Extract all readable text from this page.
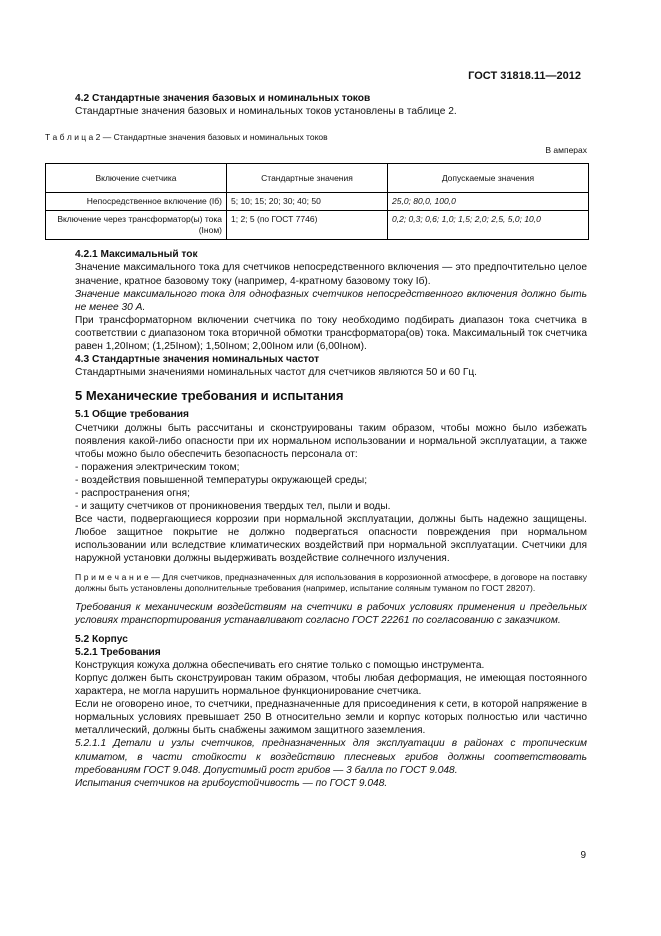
ГОСТ 31818.11—2012

4.2 Стандартные значения базовых и номинальных токов

Стандартные значения базовых и номинальных токов установлены в таблице 2.

Т а б л и ц а 2 — Стандартные значения базовых и номинальных токов
В амперах
Включение счетчика	Стандартные значения	Допускаемые значения
Непосредственное включение (Iб)	5; 10; 15; 20; 30; 40; 50	25,0; 80,0, 100,0
Включение через трансформатор(ы) тока (Iном)	1; 2; 5 (по ГОСТ 7746)	0,2; 0,3; 0,6; 1,0; 1,5; 2,0; 2,5, 5,0; 10,0

4.2.1 Максимальный ток

Значение максимального тока для счетчиков непосредственного включения — это предпочтительно целое значение, кратное базовому току (например, 4-кратному базовому току Iб).

Значение максимального тока для однофазных счетчиков непосредственного включения должно быть не менее 30 А.

При трансформаторном включении счетчика по току необходимо подбирать диапазон тока счетчика в соответствии с диапазоном тока вторичной обмотки трансформатора(ов) тока. Максимальный ток счетчика равен 1,20Iном; (1,25Iном); 1,50Iном; 2,00Iном или (6,00Iном).

4.3 Стандартные значения номинальных частот

Стандартными значениями номинальных частот для счетчиков являются 50 и 60 Гц.

5 Механические требования и испытания

5.1 Общие требования

Счетчики должны быть рассчитаны и сконструированы таким образом, чтобы можно было избежать появления какой-либо опасности при их нормальном использовании и нормальной эксплуатации, а также чтобы можно было обеспечить безопасность персонала от:

- поражения электрическим током;

- воздействия повышенной температуры окружающей среды;

- распространения огня;

- и защиту счетчиков от проникновения твердых тел, пыли и воды.

Все части, подвергающиеся коррозии при нормальной эксплуатации, должны быть надежно защищены. Любое защитное покрытие не должно подвергаться опасности повреждения при нормальном использовании или вследствие климатических воздействий при нормальной эксплуатации. Счетчики для наружной установки должны выдерживать воздействие солнечного излучения.

П р и м е ч а н и е — Для счетчиков, предназначенных для использования в коррозионной атмосфере, в договоре на поставку должны быть установлены дополнительные требования (например, испытание соляным туманом по ГОСТ 28207).

Требования к механическим воздействиям на счетчики в рабочих условиях применения и предельных условиях транспортирования устанавливают согласно ГОСТ 22261 по согласованию с заказчиком.

5.2 Корпус

5.2.1 Требования

Конструкция кожуха должна обеспечивать его снятие только с помощью инструмента.

Корпус должен быть сконструирован таким образом, чтобы любая деформация, не имеющая постоянного характера, не могла нарушить нормальное функционирование счетчика.

Если не оговорено иное, то счетчики, предназначенные для присоединения к сети, в которой напряжение в нормальных условиях превышает 250 В относительно земли и корпус которых полностью или частично металлический, должны быть снабжены зажимом защитного заземления.

5.2.1.1 Детали и узлы счетчиков, предназначенных для эксплуатации в районах с тропическим климатом, в части стойкости к воздействию плесневых грибов должны соответствовать требованиям ГОСТ 9.048. Допустимый рост грибов — 3 балла по ГОСТ 9.048.

Испытания счетчиков на грибоустойчивость — по ГОСТ 9.048.

9
